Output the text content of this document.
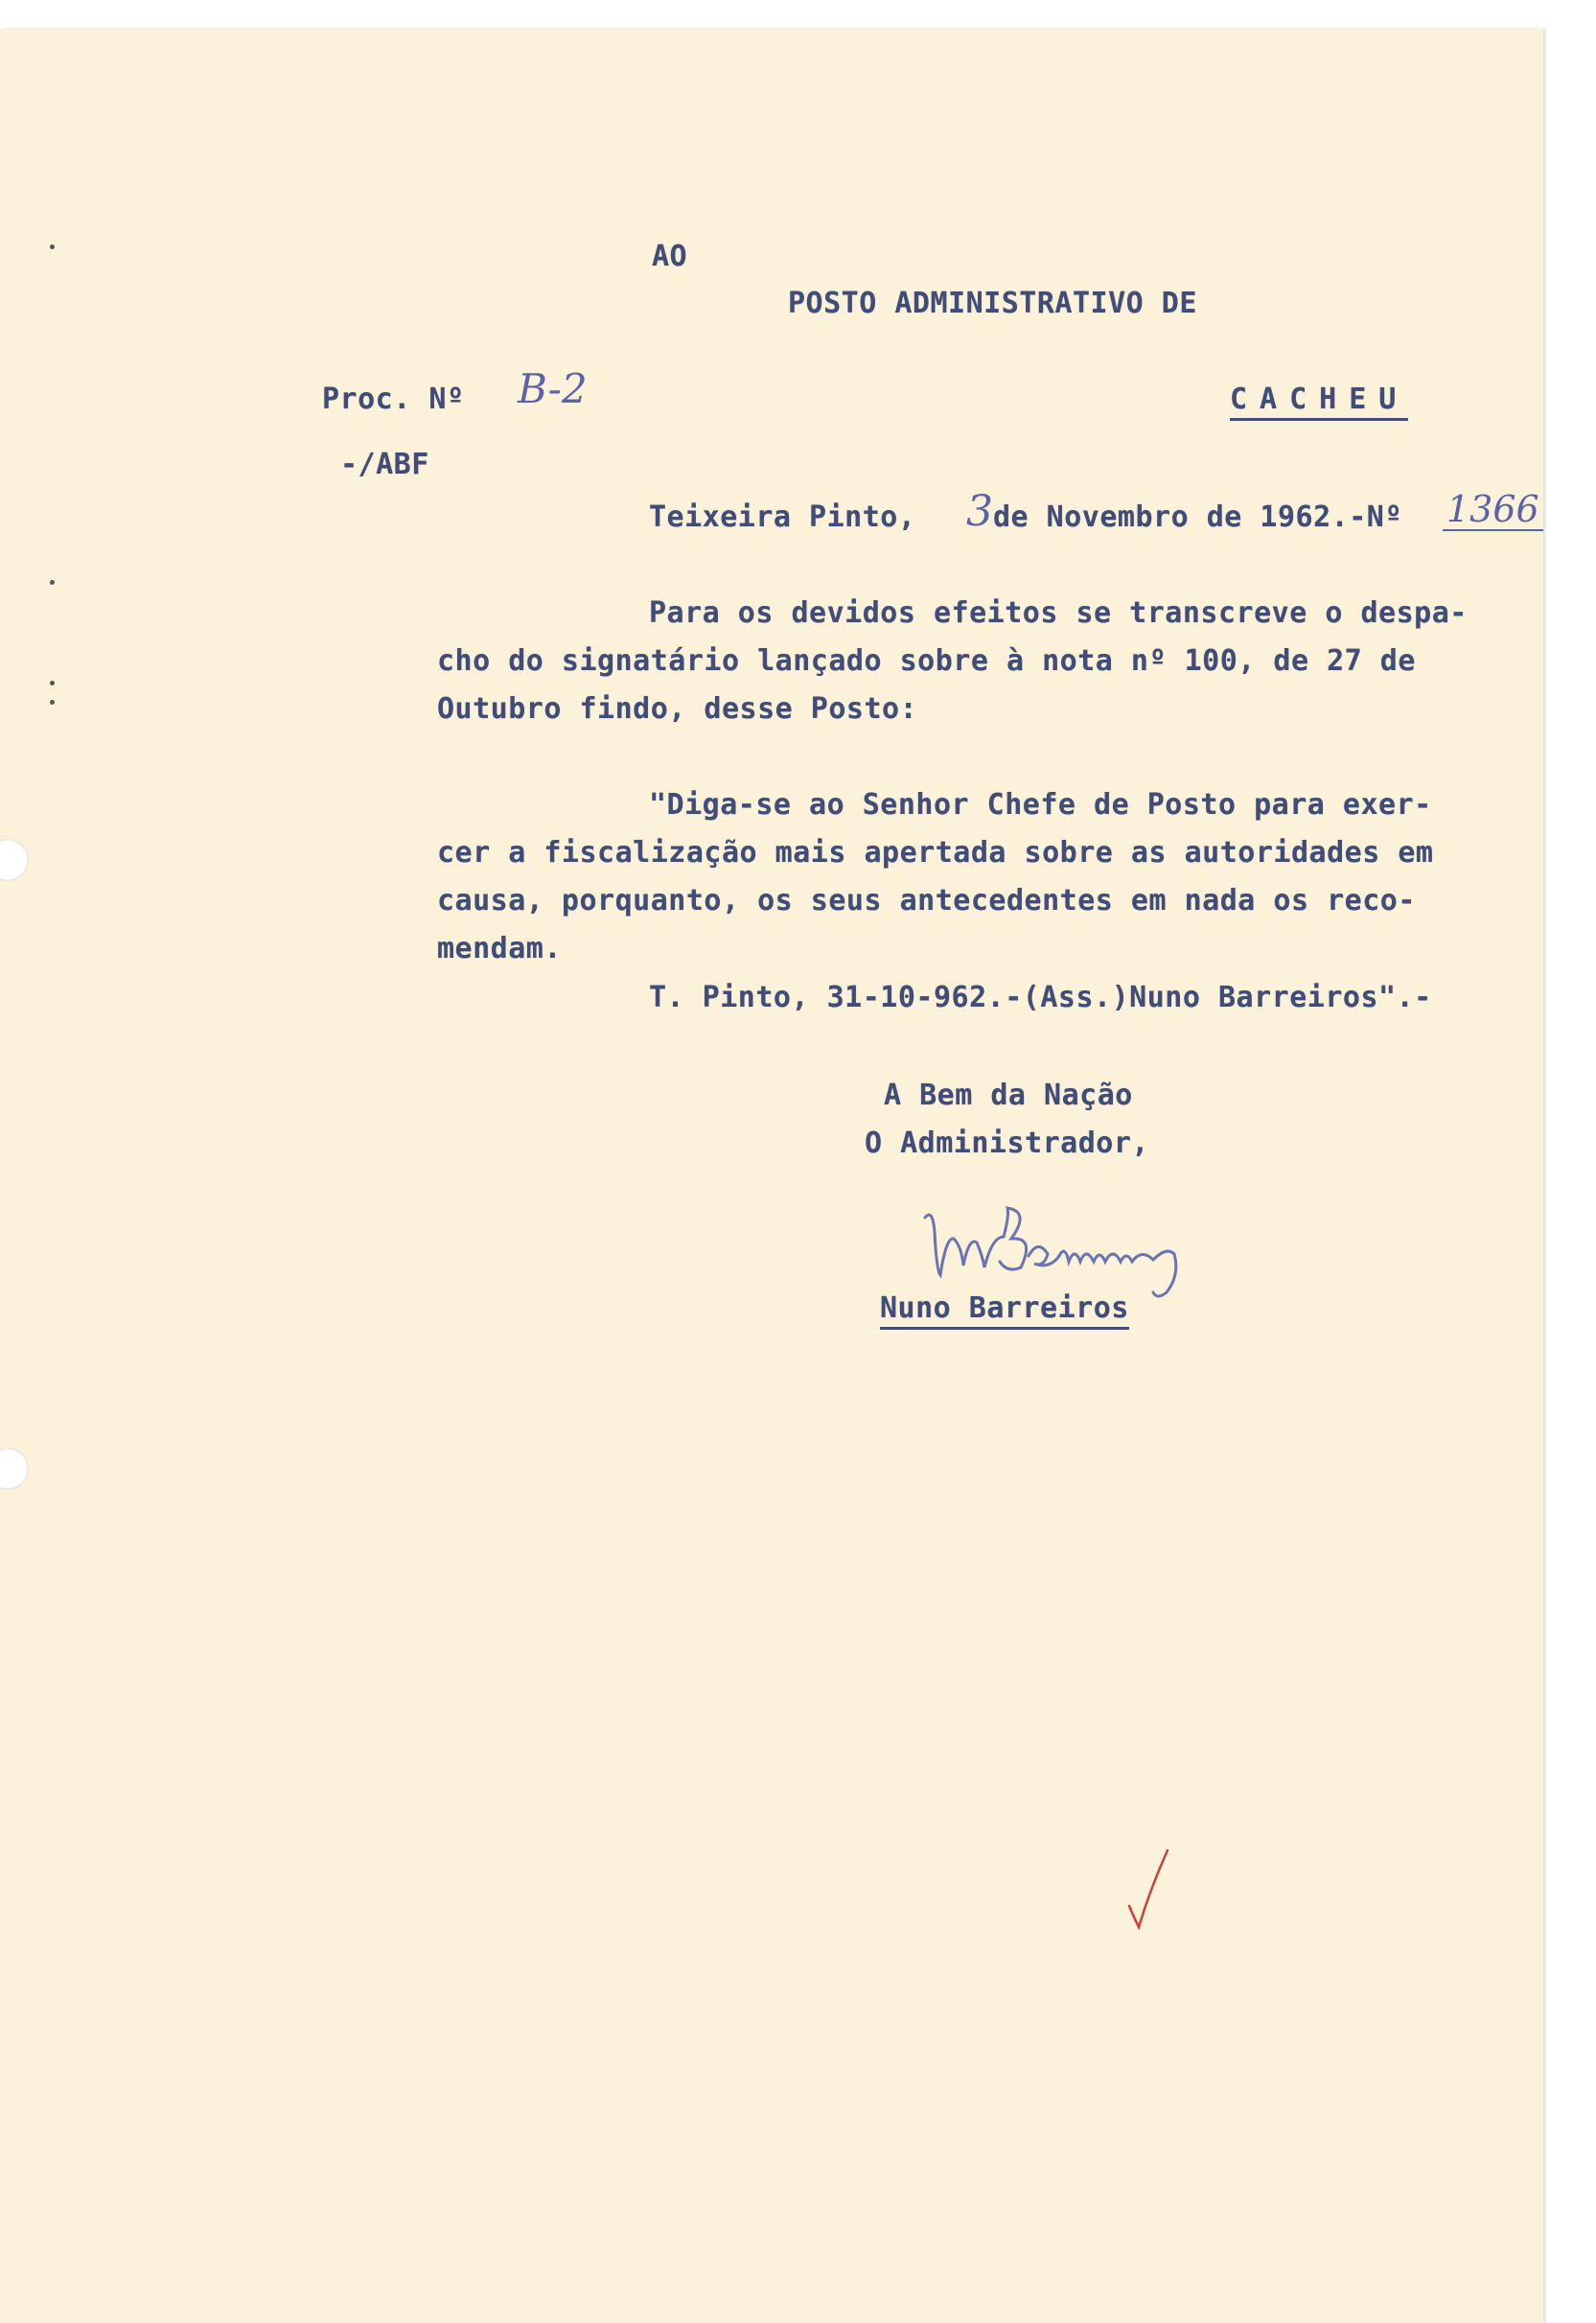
AO
POSTO ADMINISTRATIVO DE
CACHEU
Proc. Nº B-2
-/ABF
Teixeira Pinto, 3 de Novembro de 1962.-Nº 1366
Para os devidos efeitos se transcreve o despa-
cho do signatário lançado sobre à nota nº 100, de 27 de
Outubro findo, desse Posto:
"Diga-se ao Senhor Chefe de Posto para exer-
cer a fiscalização mais apertada sobre as autoridades em
causa, porquanto, os seus antecedentes em nada os reco-
mendam.
T. Pinto, 31-10-962.-(Ass.)Nuno Barreiros".-
A Bem da Nação
O Administrador,
Nuno Barreiros
